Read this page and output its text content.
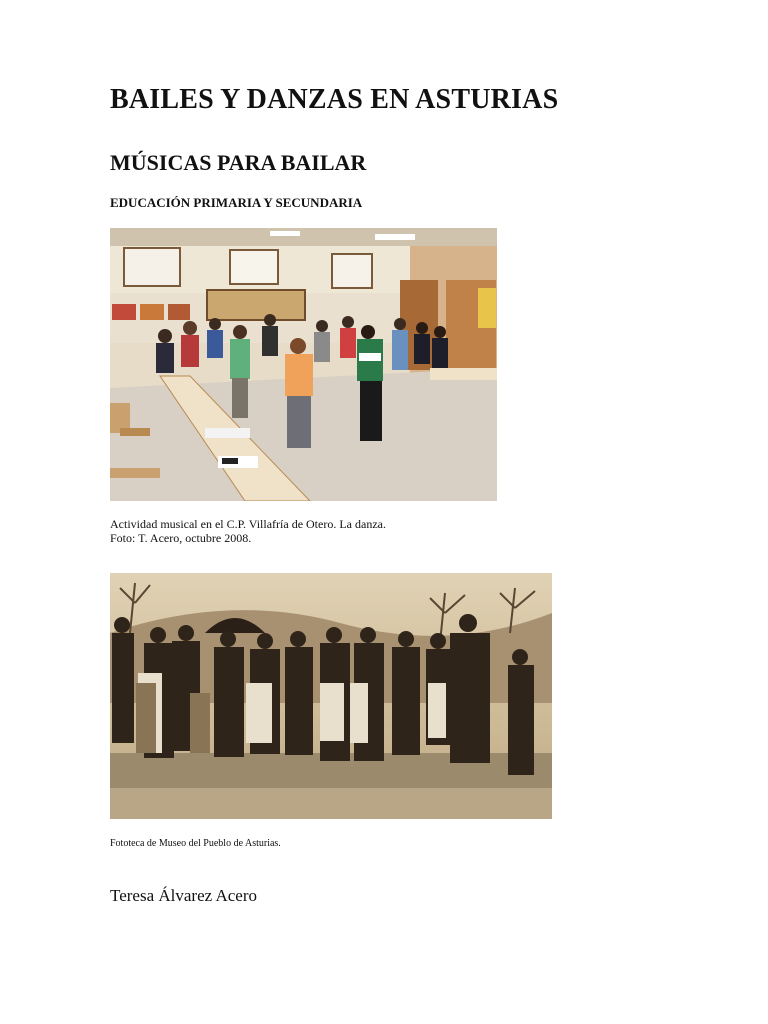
BAILES Y DANZAS EN ASTURIAS
MÚSICAS PARA BAILAR
EDUCACIÓN PRIMARIA Y SECUNDARIA

Actividad musical en el C.P. Villafría de Otero. La danza.
Foto: T. Acero, octubre 2008.

Fototeca de Museo del Pueblo de Asturias.

Teresa Álvarez Acero
